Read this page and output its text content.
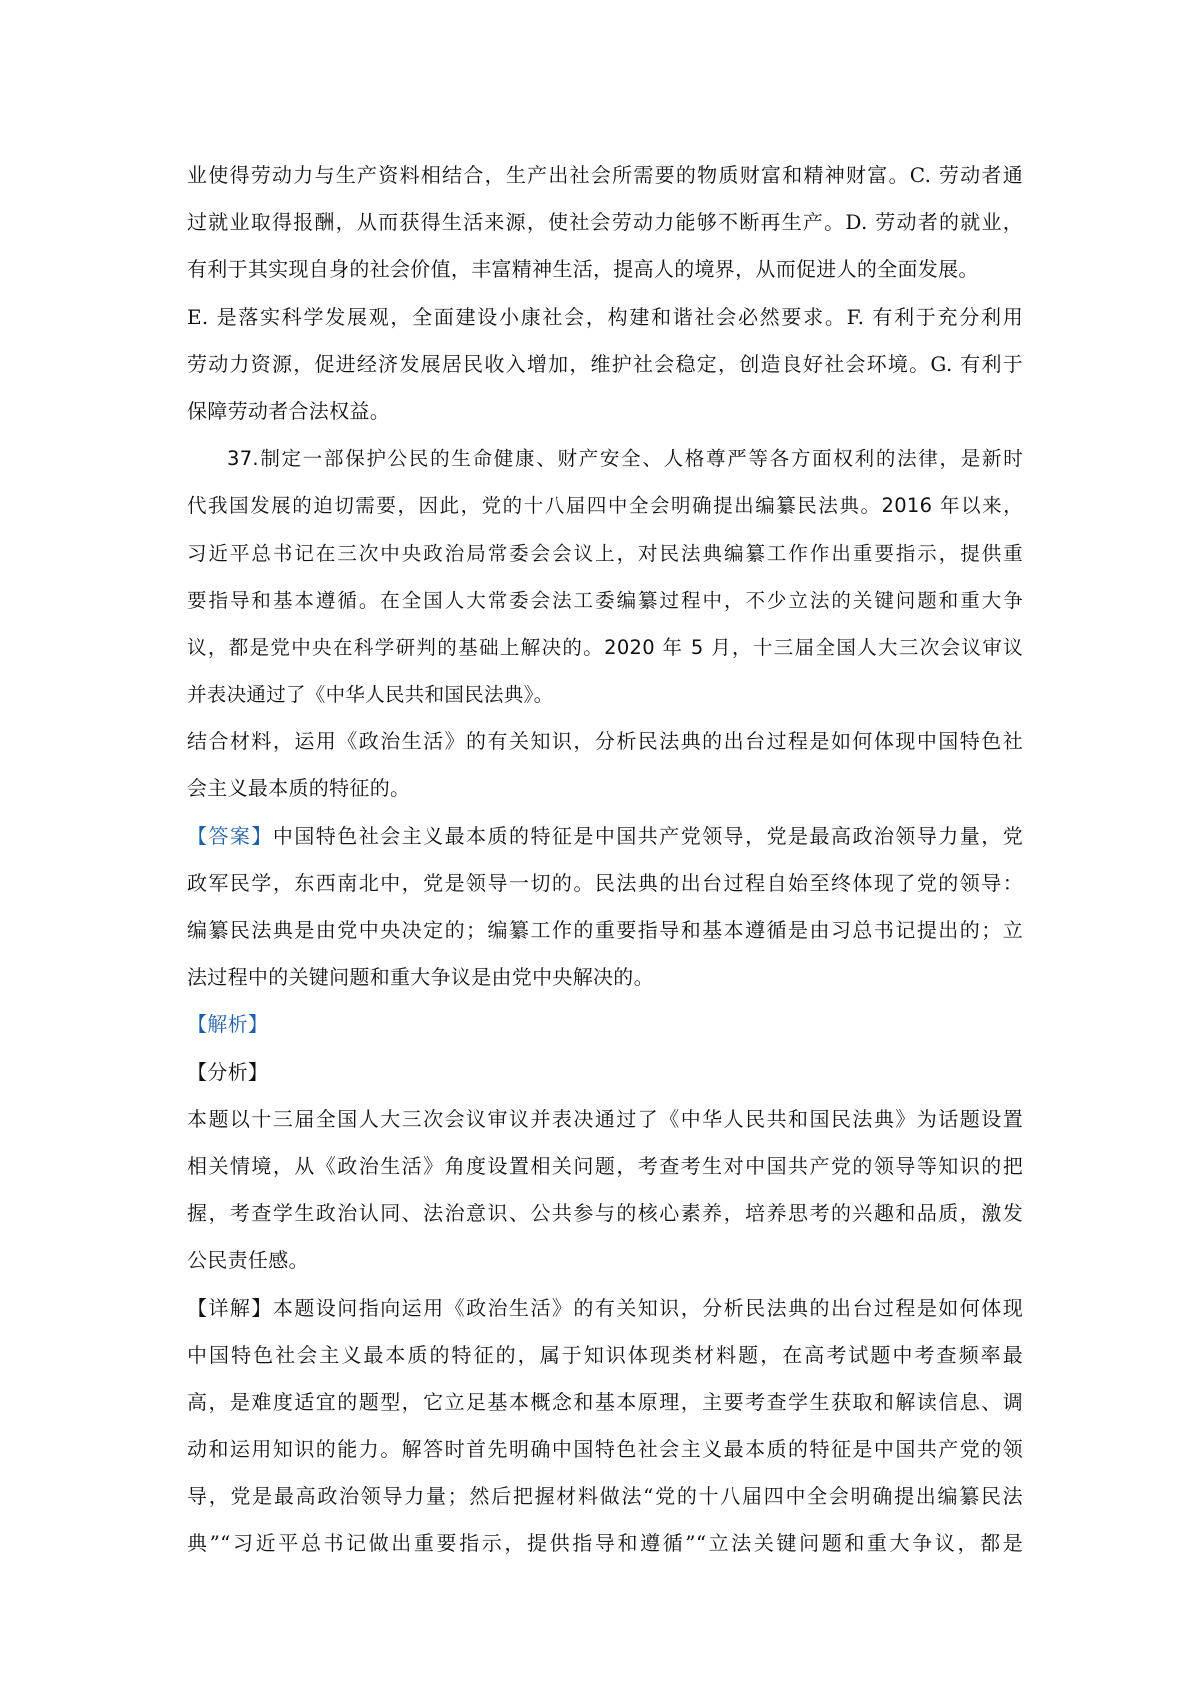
业使得劳动力与生产资料相结合，生产出社会所需要的物质财富和精神财富。C. 劳动者通
过就业取得报酬，从而获得生活来源，使社会劳动力能够不断再生产。D. 劳动者的就业，
有利于其实现自身的社会价值，丰富精神生活，提高人的境界，从而促进人的全面发展。
E. 是落实科学发展观，全面建设小康社会，构建和谐社会必然要求。F. 有利于充分利用
劳动力资源，促进经济发展居民收入增加，维护社会稳定，创造良好社会环境。G. 有利于
保障劳动者合法权益。
37.制定一部保护公民的生命健康、财产安全、人格尊严等各方面权利的法律，是新时
代我国发展的迫切需要，因此，党的十八届四中全会明确提出编纂民法典。2016 年以来，
习近平总书记在三次中央政治局常委会会议上，对民法典编纂工作作出重要指示，提供重
要指导和基本遵循。在全国人大常委会法工委编纂过程中，不少立法的关键问题和重大争
议，都是党中央在科学研判的基础上解决的。2020 年 5 月，十三届全国人大三次会议审议
并表决通过了《中华人民共和国民法典》。
结合材料，运用《政治生活》的有关知识，分析民法典的出台过程是如何体现中国特色社
会主义最本质的特征的。
【答案】中国特色社会主义最本质的特征是中国共产党领导，党是最高政治领导力量，党
政军民学，东西南北中，党是领导一切的。民法典的出台过程自始至终体现了党的领导：
编纂民法典是由党中央决定的；编纂工作的重要指导和基本遵循是由习总书记提出的；立
法过程中的关键问题和重大争议是由党中央解决的。
【解析】
【分析】
本题以十三届全国人大三次会议审议并表决通过了《中华人民共和国民法典》为话题设置
相关情境，从《政治生活》角度设置相关问题，考查考生对中国共产党的领导等知识的把
握，考查学生政治认同、法治意识、公共参与的核心素养，培养思考的兴趣和品质，激发
公民责任感。
【详解】本题设问指向运用《政治生活》的有关知识，分析民法典的出台过程是如何体现
中国特色社会主义最本质的特征的，属于知识体现类材料题，在高考试题中考查频率最
高，是难度适宜的题型，它立足基本概念和基本原理，主要考查学生获取和解读信息、调
动和运用知识的能力。解答时首先明确中国特色社会主义最本质的特征是中国共产党的领
导，党是最高政治领导力量；然后把握材料做法“党的十八届四中全会明确提出编纂民法
典”“习近平总书记做出重要指示，提供指导和遵循”“立法关键问题和重大争议，都是
